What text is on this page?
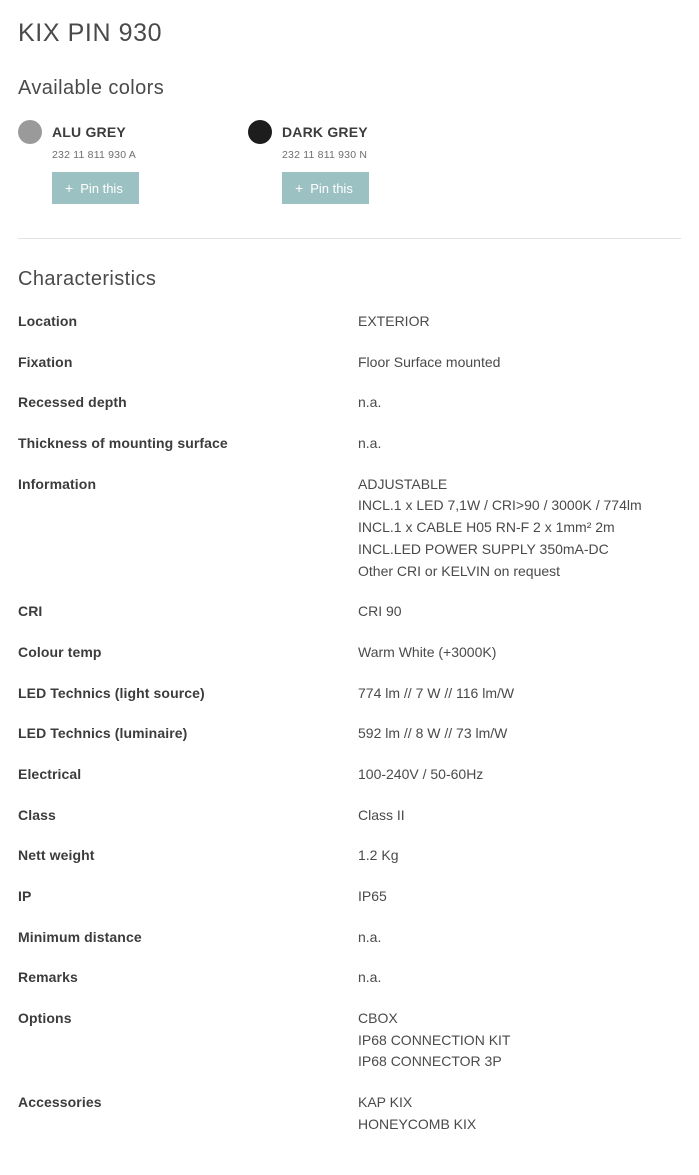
KIX PIN 930
Available colors
ALU GREY
232 11 811 930 A
+ Pin this
DARK GREY
232 11 811 930 N
+ Pin this
Characteristics
Location	EXTERIOR

Fixation	Floor Surface mounted

Recessed depth	n.a.

Thickness of mounting surface	n.a.

Information	ADJUSTABLE
INCL.1 x LED 7,1W / CRI>90 / 3000K / 774lm
INCL.1 x CABLE H05 RN-F 2 x 1mm² 2m
INCL.LED POWER SUPPLY 350mA-DC
Other CRI or KELVIN on request

CRI	CRI 90

Colour temp	Warm White (+3000K)

LED Technics (light source)	774 lm // 7 W // 116 lm/W

LED Technics (luminaire)	592 lm // 8 W // 73 lm/W

Electrical	100-240V / 50-60Hz

Class	Class II

Nett weight	1.2 Kg

IP	IP65

Minimum distance	n.a.

Remarks	n.a.

Options	CBOX
IP68 CONNECTION KIT
IP68 CONNECTOR 3P

Accessories	KAP KIX
HONEYCOMB KIX
